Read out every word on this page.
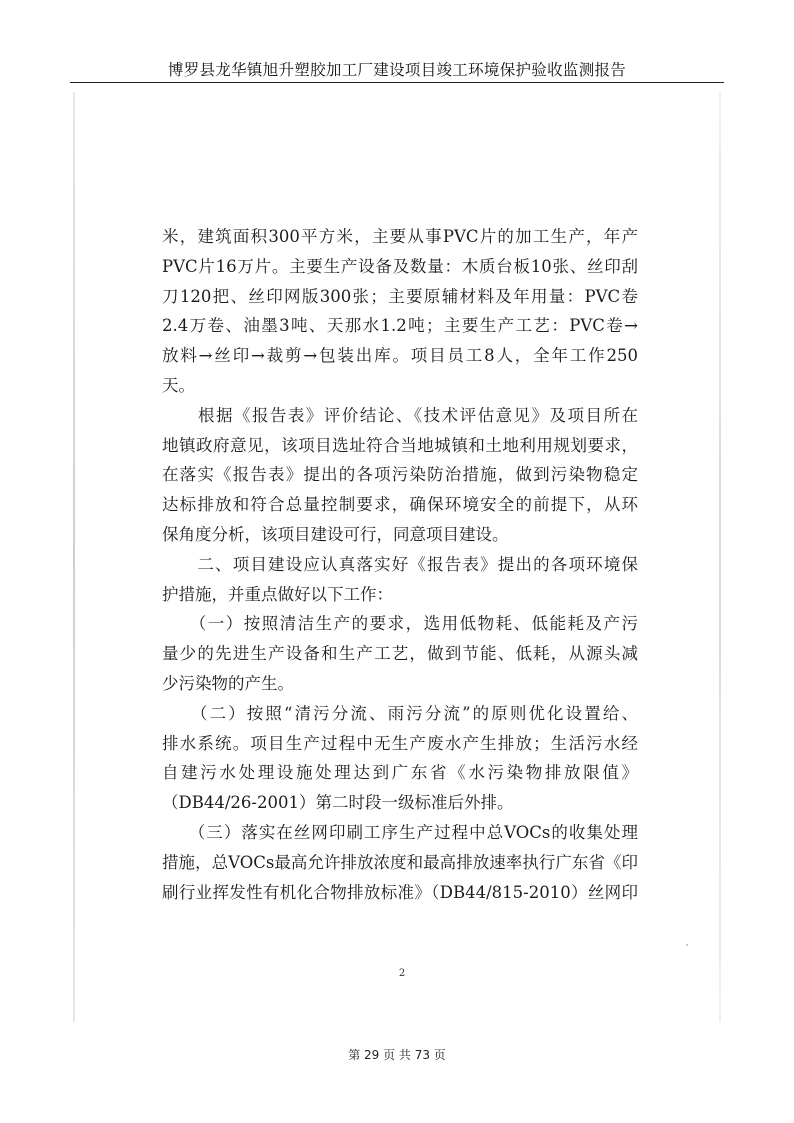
博罗县龙华镇旭升塑胶加工厂建设项目竣工环境保护验收监测报告
米，建筑面积300平方米，主要从事PVC片的加工生产，年产
PVC片16万片。主要生产设备及数量：木质台板10张、丝印刮
刀120把、丝印网版300张；主要原辅材料及年用量：PVC卷
2.4万卷、油墨3吨、天那水1.2吨；主要生产工艺：PVC卷→
放料→丝印→裁剪→包装出库。项目员工8人，全年工作250
天。
　　根据《报告表》评价结论、《技术评估意见》及项目所在
地镇政府意见，该项目选址符合当地城镇和土地利用规划要求，
在落实《报告表》提出的各项污染防治措施，做到污染物稳定
达标排放和符合总量控制要求，确保环境安全的前提下，从环
保角度分析，该项目建设可行，同意项目建设。
　　二、项目建设应认真落实好《报告表》提出的各项环境保
护措施，并重点做好以下工作：
　　（一）按照清洁生产的要求，选用低物耗、低能耗及产污
量少的先进生产设备和生产工艺，做到节能、低耗，从源头减
少污染物的产生。
　　（二）按照“清污分流、雨污分流”的原则优化设置给、
排水系统。项目生产过程中无生产废水产生排放；生活污水经
自建污水处理设施处理达到广东省《水污染物排放限值》
（DB44/26-2001）第二时段一级标准后外排。
　　（三）落实在丝网印刷工序生产过程中总VOCs的收集处理
措施，总VOCs最高允许排放浓度和最高排放速率执行广东省《印
刷行业挥发性有机化合物排放标准》（DB44/815-2010）丝网印
2
第 29 页 共 73 页
